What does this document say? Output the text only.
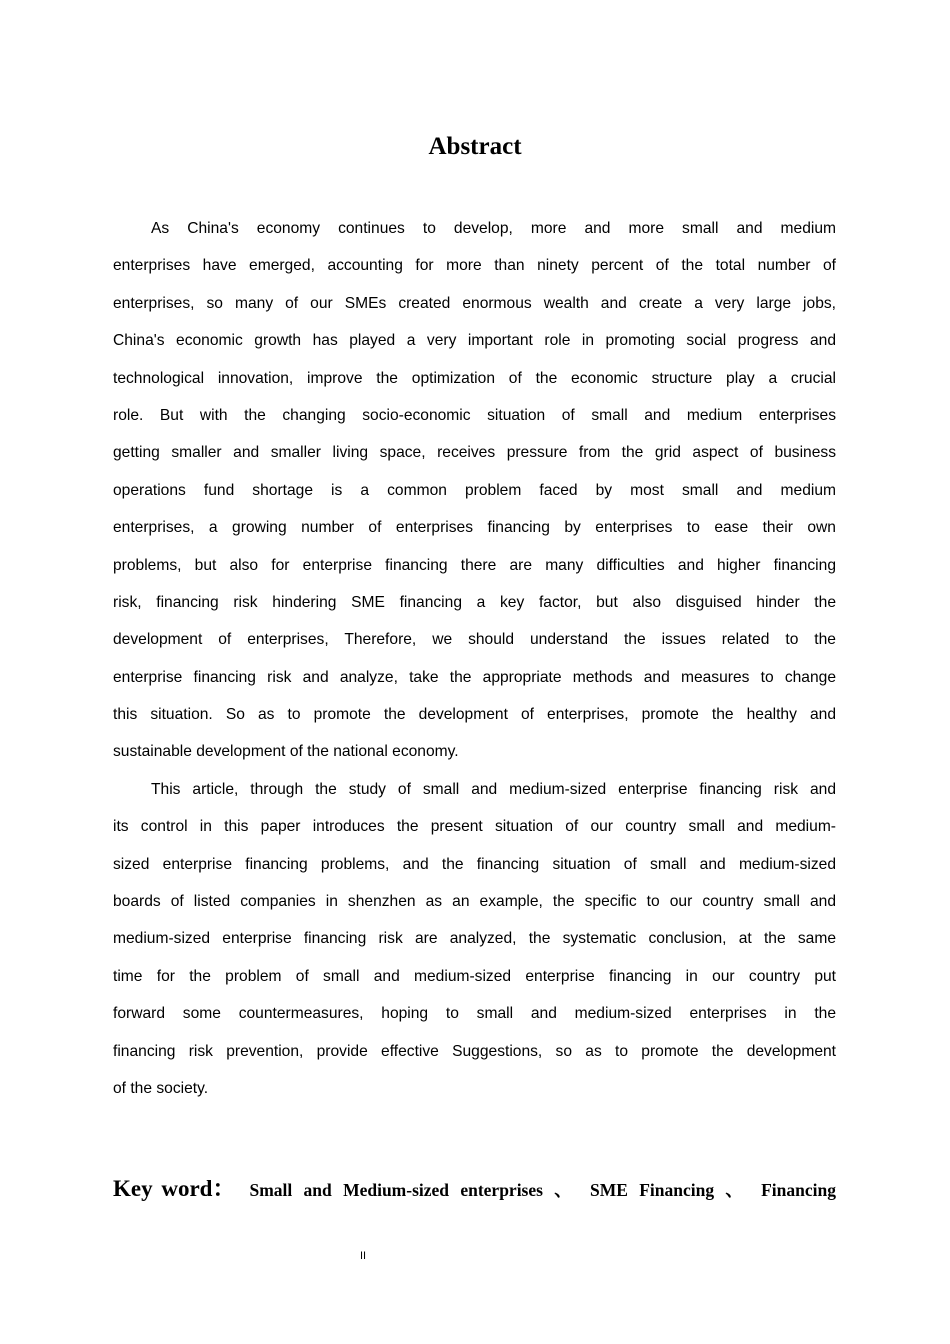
Abstract
As China's economy continues to develop, more and more small and medium
enterprises have emerged, accounting for more than ninety percent of the total number of
enterprises, so many of our SMEs created enormous wealth and create a very large jobs,
China's economic growth has played a very important role in promoting social progress and
technological innovation, improve the optimization of the economic structure play a crucial
role. But with the changing socio-economic situation of small and medium enterprises
getting smaller and smaller living space, receives pressure from the grid aspect of business
operations fund shortage is a common problem faced by most small and medium
enterprises, a growing number of enterprises financing by enterprises to ease their own
problems, but also for enterprise financing there are many difficulties and higher financing
risk, financing risk hindering SME financing a key factor, but also disguised hinder the
development of enterprises, Therefore, we should understand the issues related to the
enterprise financing risk and analyze, take the appropriate methods and measures to change
this situation. So as to promote the development of enterprises, promote the healthy and
sustainable development of the national economy.
This article, through the study of small and medium-sized enterprise financing risk and
its control in this paper introduces the present situation of our country small and medium-
sized enterprise financing problems, and the financing situation of small and medium-sized
boards of listed companies in shenzhen as an example, the specific to our country small and
medium-sized enterprise financing risk are analyzed, the systematic conclusion, at the same
time for the problem of small and medium-sized enterprise financing in our country put
forward some countermeasures, hoping to small and medium-sized enterprises in the
financing risk prevention, provide effective Suggestions, so as to promote the development
of the society.
Key word： Small and Medium-sized enterprises 、 SME Financing 、 Financing
II
